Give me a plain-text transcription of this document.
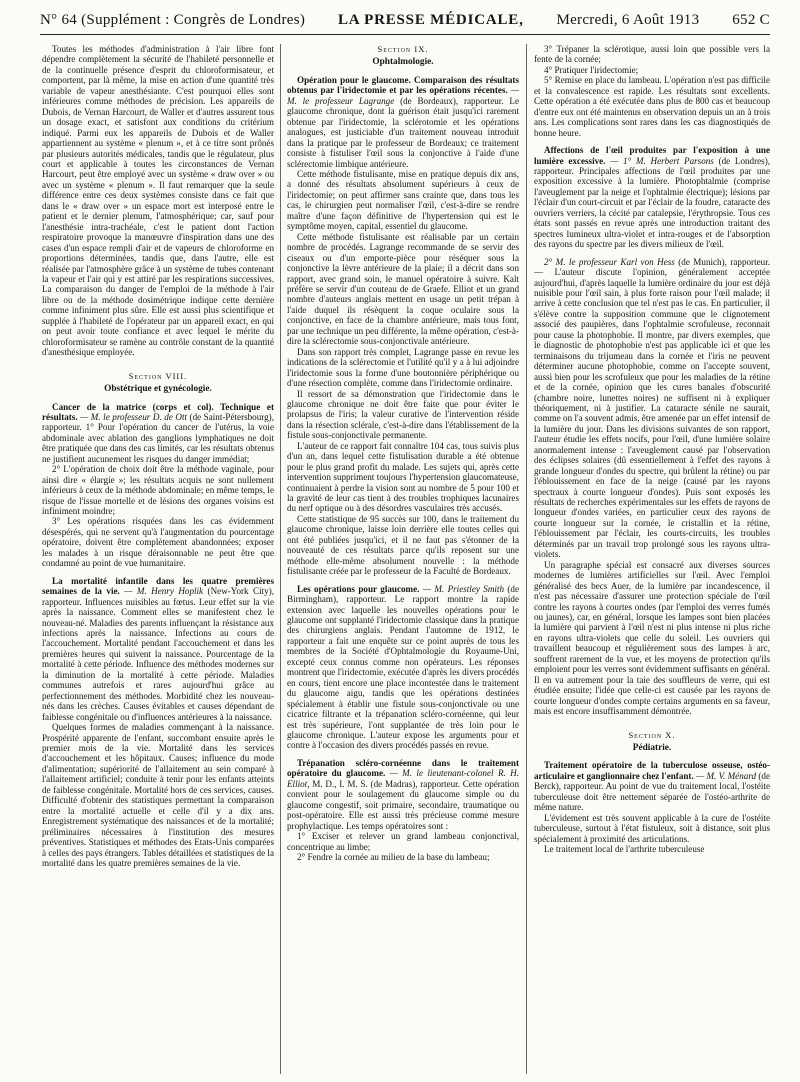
N° 64 (Supplément : Congrès de Londres) LA PRESSE MÉDICALE, Mercredi, 6 Août 1913 652 C

Toutes les méthodes d'administration à l'air libre font dépendre complètement la sécurité de l'habileté personnelle et de la continuelle présence d'esprit du chloroformisateur, et comportent, par là même, la mise en action d'une quantité très variable de vapeur anesthésiante. C'est pourquoi elles sont inférieures comme méthodes de précision. Les appareils de Dubois, de Vernan Harcourt, de Waller et d'autres assurent tous un dosage exact, et satisfont aux conditions du critérium indiqué. Parmi eux les appareils de Dubois et de Waller appartiennent au système « plenum », et à ce titre sont prônés par plusieurs autorités médicales, tandis que le régulateur, plus court et applicable à toutes les circonstances de Vernan Harcourt, peut être employé avec un système « draw over » ou avec un système « plenum ». Il faut remarquer que la seule différence entre ces deux systèmes consiste dans ce fait que dans le « draw over » un espace mort est interposé entre le patient et le dernier plenum, l'atmosphérique; car, sauf pour l'anesthésie intra-trachéale, c'est le patient dont l'action respiratoire provoque la manœuvre d'inspiration dans une des cases d'un espace rempli d'air et de vapeurs de chloroforme en proportions déterminées, tandis que, dans l'autre, elle est réalisée par l'atmosphère grâce à un système de tubes contenant la vapeur et l'air qui y est attiré par les respirations successives. La comparaison du danger de l'emploi de la méthode à l'air libre ou de la méthode dosimétrique indique cette dernière comme infiniment plus sûre. Elle est aussi plus scientifique et supplée à l'habileté de l'opérateur par un appareil exact, en qui on peut avoir toute confiance et avec lequel le mérite du chloroformisateur se ramène au contrôle constant de la quantité d'anesthésique employée.

Section VIII.
Obstétrique et gynécologie.

Cancer de la matrice (corps et col). Technique et résultats. — M. le professeur D. de Ott (de Saint-Pétersbourg), rapporteur. 1° Pour l'opération du cancer de l'utérus, la voie abdominale avec ablation des ganglions lymphatiques ne doit être pratiquée que dans des cas limités, car les résultats obtenus ne justifient aucunement les risques du danger immédiat;

2° L'opération de choix doit être la méthode vaginale, pour ainsi dire « élargie »; les résultats acquis ne sont nullement inférieurs à ceux de la méthode abdominale; en même temps, le risque de l'issue mortelle et de lésions des organes voisins est infiniment moindre;

3° Les opérations risquées dans les cas évidemment désespérés, qui ne servent qu'à l'augmentation du pourcentage opératoire, doivent être complètement abandonnées; exposer les malades à un risque déraisonnable ne peut être que condamné au point de vue humanitaire.

La mortalité infantile dans les quatre premières semaines de la vie. — M. Henry Hoplik (New-York City), rapporteur. Influences nuisibles au fœtus. Leur effet sur la vie après la naissance. Comment elles se manifestent chez le nouveau-né. Maladies des parents influençant la résistance aux infections après la naissance. Infections au cours de l'accouchement. Mortalité pendant l'accouchement et dans les premières heures qui suivent la naissance. Pourcentage de la mortalité à cette période. Influence des méthodes modernes sur la diminution de la mortalité à cette période. Maladies communes autrefois et rares aujourd'hui grâce au perfectionnement des méthodes. Morbidité chez les nouveau-nés dans les crèches. Causes évitables et causes dépendant de faiblesse congénitale ou d'influences antérieures à la naissance.

Quelques formes de maladies commençant à la naissance. Prospérité apparente de l'enfant, succombant ensuite après le premier mois de la vie. Mortalité dans les services d'accouchement et les hôpitaux. Causes; influence du mode d'alimentation; supériorité de l'allaitement au sein comparé à l'allaitement artificiel; conduite à tenir pour les enfants atteints de faiblesse congénitale. Mortalité hors de ces services, causes. Difficulté d'obtenir des statistiques permettant la comparaison entre la mortalité actuelle et celle d'il y a dix ans. Enregistrement systématique des naissances et de la mortalité; préliminaires nécessaires à l'institution des mesures préventives. Statistiques et méthodes des Etats-Unis comparées à celles des pays étrangers. Tables détaillées et statistiques de la mortalité dans les quatre premières semaines de la vie.

Section IX.
Ophtalmologie.

Opération pour le glaucome. Comparaison des résultats obtenus par l'iridectomie et par les opérations récentes. — M. le professeur Lagrange (de Bordeaux), rapporteur. Le glaucome chronique, dont la guérison était jusqu'ici rarement obtenue par l'iridectomie, la sclérotomie et les opérations analogues, est justiciable d'un traitement nouveau introduit dans la pratique par le professeur de Bordeaux; ce traitement consiste à fistuliser l'œil sous la conjonctive à l'aide d'une sclérectomie limbique antérieure.

Cette méthode fistulisante, mise en pratique depuis dix ans, a donné des résultats absolument supérieurs à ceux de l'iridectomie; on peut affirmer sans crainte que, dans tous les cas, le chirurgien peut normaliser l'œil, c'est-à-dire se rendre maître d'une façon définitive de l'hypertension qui est le symptôme moyen, capital, essentiel du glaucome.

Cette méthode fistulisante est réalisable par un certain nombre de procédés. Lagrange recommande de se servir des ciseaux ou d'un emporte-pièce pour réséquer sous la conjonctive la lèvre antérieure de la plaie; il a décrit dans son rapport, avec grand soin, le manuel opératoire à suivre. Kalt préfère se servir d'un couteau de de Graefe. Elliot et un grand nombre d'auteurs anglais mettent en usage un petit trépan à l'aide duquel ils résèquent la coque oculaire sous la conjonctive, en face de la chambre antérieure, mais tous font, par une technique un peu différente, la même opération, c'est-à-dire la sclérectomie sous-conjonctivale antérieure.

Dans son rapport très complet, Lagrange passe en revue les indications de la sclérectomie et l'utilité qu'il y a à lui adjoindre l'iridectomie sous la forme d'une boutonnière périphérique ou d'une résection complète, comme dans l'iridectomie ordinaire.

Il ressort de sa démonstration que l'iridectomie dans le glaucome chronique ne doit être faite que pour éviter le prolapsus de l'iris; la valeur curative de l'intervention réside dans la résection sclérale, c'est-à-dire dans l'établissement de la fistule sous-conjonctivale permanente.

L'auteur de ce rapport fait connaître 104 cas, tous suivis plus d'un an, dans lequel cette fistulisation durable a été obtenue pour le plus grand profit du malade. Les sujets qui, après cette intervention suppriment toujours l'hypertension glaucomateuse, continuaient à perdre la vision sont au nombre de 5 pour 100 et la gravité de leur cas tient à des troubles trophiques lacunaires du nerf optique ou à des désordres vasculaires très accusés.

Cette statistique de 95 succès sur 100, dans le traitement du glaucome chronique, laisse loin derrière elle toutes celles qui ont été publiées jusqu'ici, et il ne faut pas s'étonner de la nouveauté de ces résultats parce qu'ils reposent sur une méthode elle-même absolument nouvelle : la méthode fistulisante créée par le professeur de la Faculté de Bordeaux.

Les opérations pour glaucome. — M. Priestley Smith (de Birmingham), rapporteur. Le rapport montre la rapide extension avec laquelle les nouvelles opérations pour le glaucome ont supplanté l'iridectomie classique dans la pratique des chirurgiens anglais. Pendant l'automne de 1912, le rapporteur a fait une enquête sur ce point auprès de tous les membres de la Société d'Ophtalmologie du Royaume-Uni, excepté ceux connus comme non opérateurs. Les réponses montrent que l'iridectomie, exécutée d'après les divers procédés en cours, tient encore une place incontestée dans le traitement du glaucome aigu, tandis que les opérations destinées spécialement à établir une fistule sous-conjonctivale ou une cicatrice filtrante et la trépanation scléro-cornéenne, qui leur est très supérieure, l'ont supplantée de très loin pour le glaucome chronique. L'auteur expose les arguments pour et contre à l'occasion des divers procédés passés en revue.

Trépanation scléro-cornéenne dans le traitement opératoire du glaucome. — M. le lieutenant-colonel R. H. Elliot, M. D., I. M. S. (de Madras), rapporteur. Cette opération convient pour le soulagement du glaucome simple ou du glaucome congestif, soit primaire, secondaire, traumatique ou post-opératoire. Elle est aussi très précieuse comme mesure prophylactique. Les temps opératoires sont :

1° Exciser et relever un grand lambeau conjonctival, concentrique au limbe;

2° Fendre la cornée au milieu de la base du lambeau;

3° Trépaner la sclérotique, aussi loin que possible vers la fente de la cornée;

4° Pratiquer l'iridectomie;

5° Remise en place du lambeau. L'opération n'est pas difficile et la convalescence est rapide. Les résultats sont excellents. Cette opération a été exécutée dans plus de 800 cas et beaucoup d'entre eux ont été maintenus en observation depuis un an à trois ans. Les complications sont rares dans les cas diagnostiqués de bonne heure.

Affections de l'œil produites par l'exposition à une lumière excessive. — 1° M. Herbert Parsons (de Londres), rapporteur. Principales affections de l'œil produites par une exposition excessive à la lumière. Photophtalmie (comprise l'aveuglement par la neige et l'ophtalmie électrique); lésions par l'éclair d'un court-circuit et par l'éclair de la foudre, cataracte des ouvriers verriers, la cécité par catalepsie, l'érythropsie. Tous ces états sont passés en revue après une introduction traitant des spectres lumineux ultra-violet et intra-rouges et de l'absorption des rayons du spectre par les divers milieux de l'œil.

2° M. le professeur Karl von Hess (de Munich), rapporteur. — L'auteur discute l'opinion, généralement acceptée aujourd'hui, d'après laquelle la lumière ordinaire du jour est déjà nuisible pour l'œil sain, à plus forte raison pour l'œil malade; il arrive à cette conclusion que tel n'est pas le cas. En particulier, il s'élève contre la supposition commune que le clignotement associé des paupières, dans l'ophtalmie scrofuleuse, reconnait pour cause la photophobie. Il montre, par divers exemples, que le diagnostic de photophobie n'est pas applicable ici et que les terminaisons du trijumeau dans la cornée et l'iris ne peuvent déterminer aucune photophobie, comme on l'accepte souvent, aussi bien pour les scrofuleux que pour les maladies de la rétine et de la cornée, opinion que les cures banales d'obscurité (chambre noire, lunettes noires) ne suffisent ni à expliquer théoriquement, ni à justifier. La cataracte sénile ne saurait, comme on l'a souvent admis, être amenée par un effet intensif de la lumière du jour. Dans les divisions suivantes de son rapport, l'auteur étudie les effets nocifs, pour l'œil, d'une lumière solaire anormalement intense : l'aveuglement causé par l'observation des éclipses solaires (dû essentiellement à l'effet des rayons à grande longueur d'ondes du spectre, qui brûlent la rétine) ou par l'éblouissement en face de la neige (causé par les rayons spectraux à courte longueur d'ondes). Puis sont exposés les résultats de recherches expérimentales sur les effets de rayons de longueur d'ondes variées, en particulier ceux des rayons de courte longueur sur la cornée, le cristallin et la rétine, l'éblouissement par l'éclair, les courts-circuits, les troubles déterminés par un travail trop prolongé sous les rayons ultra-violets.

Un paragraphe spécial est consacré aux diverses sources modernes de lumières artificielles sur l'œil. Avec l'emploi généralisé des becs Auer, de la lumière par incandescence, il n'est pas nécessaire d'assurer une protection spéciale de l'œil contre les rayons à courtes ondes (par l'emploi des verres fumés ou jaunes), car, en général, lorsque les lampes sont bien placées la lumière qui parvient à l'œil n'est ni plus intense ni plus riche en rayons ultra-violets que celle du soleil. Les ouvriers qui travaillent beaucoup et régulièrement sous des lampes à arc, souffrent rarement de la vue, et les moyens de protection qu'ils emploient pour les verres sont évidemment suffisants en général. Il en va autrement pour la taie des souffleurs de verre, qui est étudiée ensuite; l'idée que celle-ci est causée par les rayons de courte longueur d'ondes compte certains arguments en sa faveur, mais est encore insuffisamment démontrée.

Section X.
Pédiatrie.

Traitement opératoire de la tuberculose osseuse, ostéo-articulaire et ganglionnaire chez l'enfant. — M. V. Ménard (de Berck), rapporteur. Au point de vue du traitement local, l'ostéite tuberculeuse doit être nettement séparée de l'ostéo-arthrite de même nature.

L'évidement est très souvent applicable à la cure de l'ostéite tuberculeuse, surtout à l'état fistuleux, soit à distance, soit plus spécialement à proximité des articulations.

Le traitement local de l'arthrite tuberculeuse
